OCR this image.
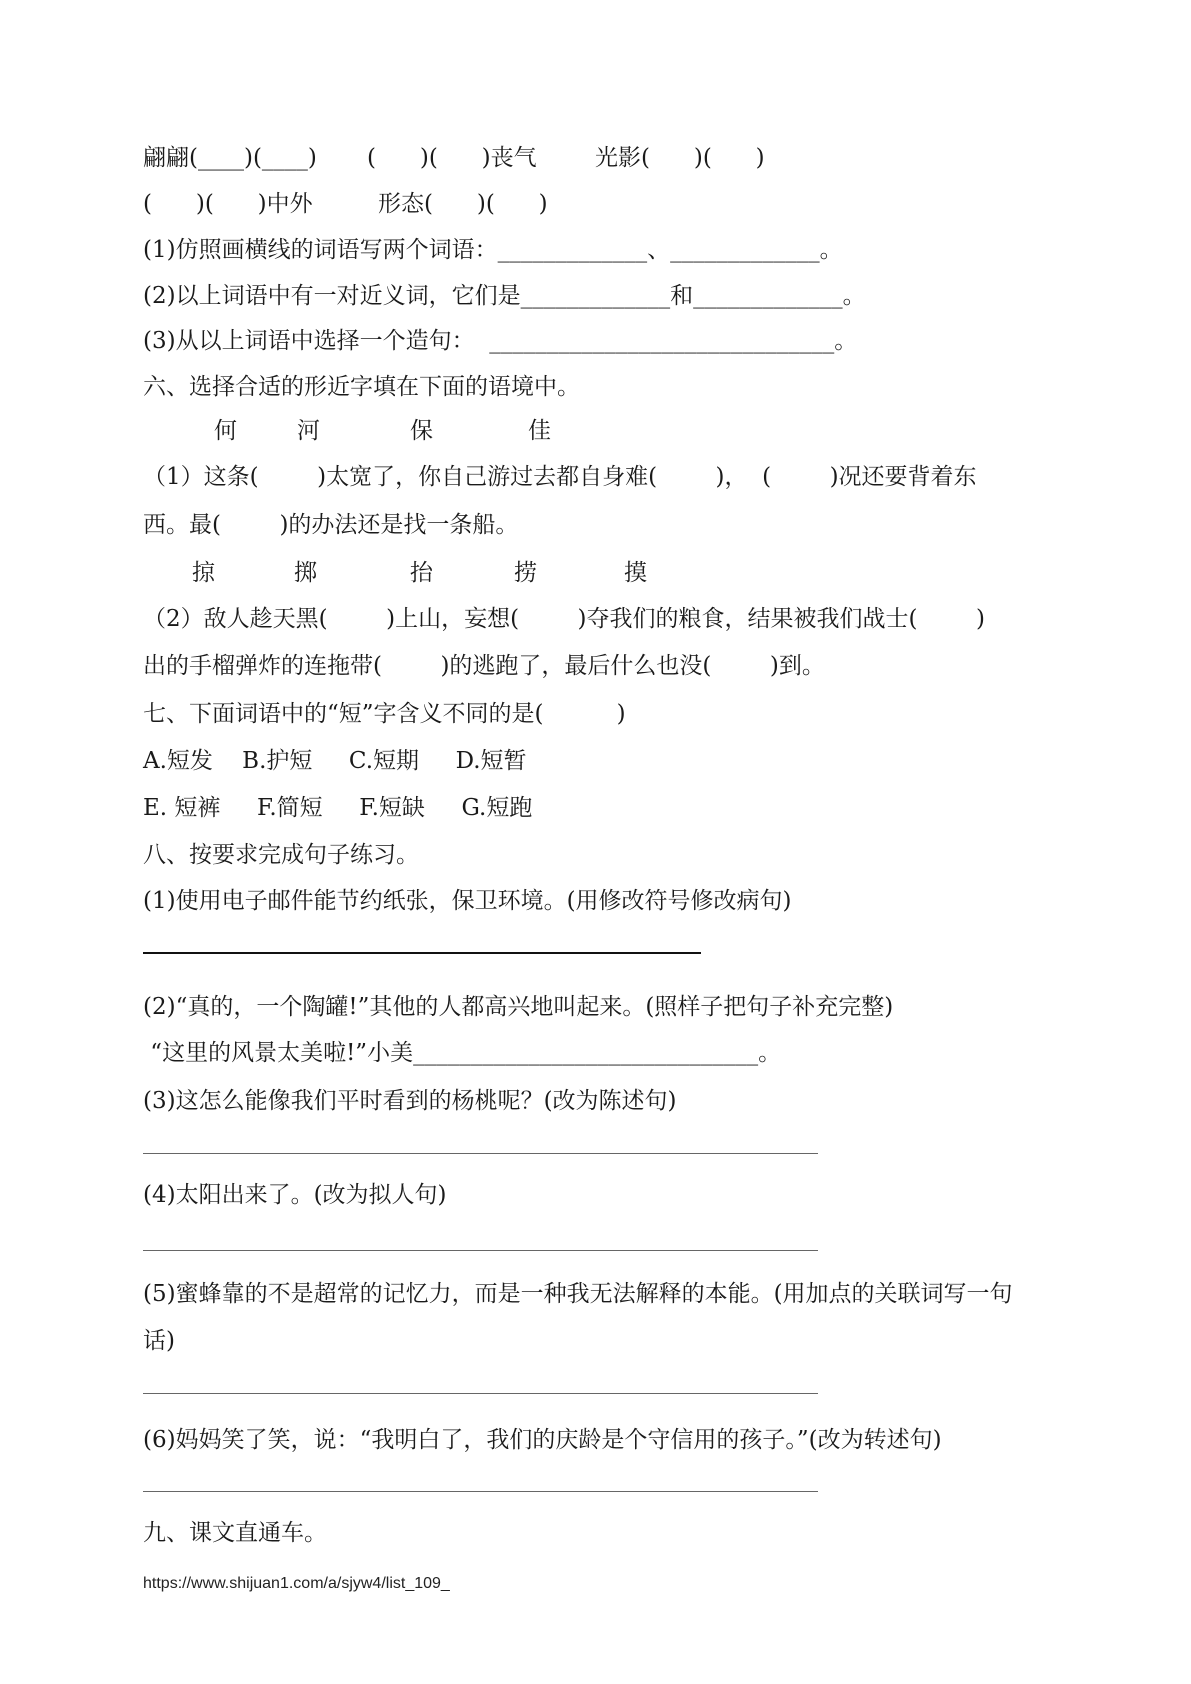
翩翩(____)(____) (      )(      )丧气	光影(      )(      )
(      )(      )中外	形态(      )(      )
(1)仿照画横线的词语写两个词语：_____________、_____________。
(2)以上词语中有一对近义词，它们是_____________和_____________。
(3)从以上词语中选择一个造句：  ______________________________。
六、选择合适的形近字填在下面的语境中。
何	河	保	佳
（1）这条(        )太宽了，你自己游过去都自身难(        )，  (        )况还要背着东
西。最(        )的办法还是找一条船。
掠	掷	抬	捞	摸
（2）敌人趁天黑(        )上山，妄想(        )夺我们的粮食，结果被我们战士(        )
出的手榴弹炸的连拖带(        )的逃跑了，最后什么也没(        )到。
七、下面词语中的“短”字含义不同的是(          )
A.短发    B.护短     C.短期     D.短暂
E. 短裤     F.简短     F.短缺     G.短跑
八、按要求完成句子练习。
(1)使用电子邮件能节约纸张，保卫环境。(用修改符号修改病句)
(2)“真的，一个陶罐!”其他的人都高兴地叫起来。(照样子把句子补充完整)
“这里的风景太美啦!”小美______________________________。
(3)这怎么能像我们平时看到的杨桃呢？(改为陈述句)
(4)太阳出来了。(改为拟人句)
(5)蜜蜂靠的不是超常的记忆力，而是一种我无法解释的本能。(用加点的关联词写一句
话)
(6)妈妈笑了笑，说：“我明白了，我们的庆龄是个守信用的孩子。”(改为转述句)
九、课文直通车。
https://www.shijuan1.com/a/sjyw4/list_109_
